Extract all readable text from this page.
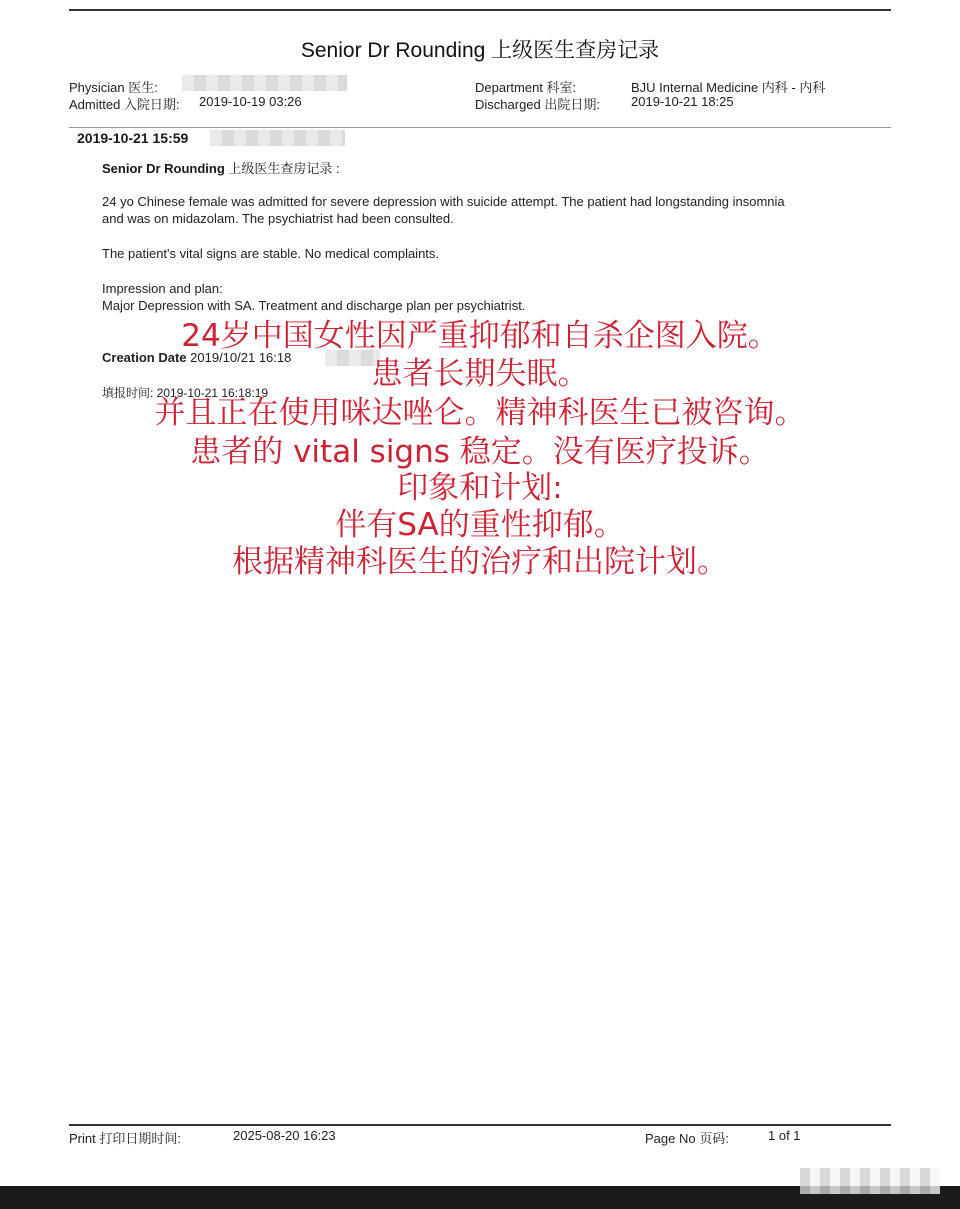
Senior Dr Rounding 上级医生查房记录
Physician 医生:
Admitted 入院日期: 2019-10-19 03:26
Department 科室:	BJU Internal Medicine 内科 - 内科
Discharged 出院日期: 2019-10-21 18:25
2019-10-21 15:59
Senior Dr Rounding 上级医生查房记录 :
24 yo Chinese female was admitted for severe depression with suicide attempt. The patient had longstanding insomnia
and was on midazolam. The psychiatrist had been consulted.
The patient's vital signs are stable. No medical complaints.
Impression and plan:
Major Depression with SA. Treatment and discharge plan per psychiatrist.
Creation Date 2019/10/21 16:18
填报时间: 2019-10-21 16:18:19
24岁中国女性因严重抑郁和自杀企图入院。
患者长期失眠。
并且正在使用咪达唑仑。精神科医生已被咨询。
患者的 vital signs 稳定。没有医疗投诉。
印象和计划:
伴有SA的重性抑郁。
根据精神科医生的治疗和出院计划。
Print 打印日期时间:	2025-08-20 16:23	Page No 页码:	1 of 1
